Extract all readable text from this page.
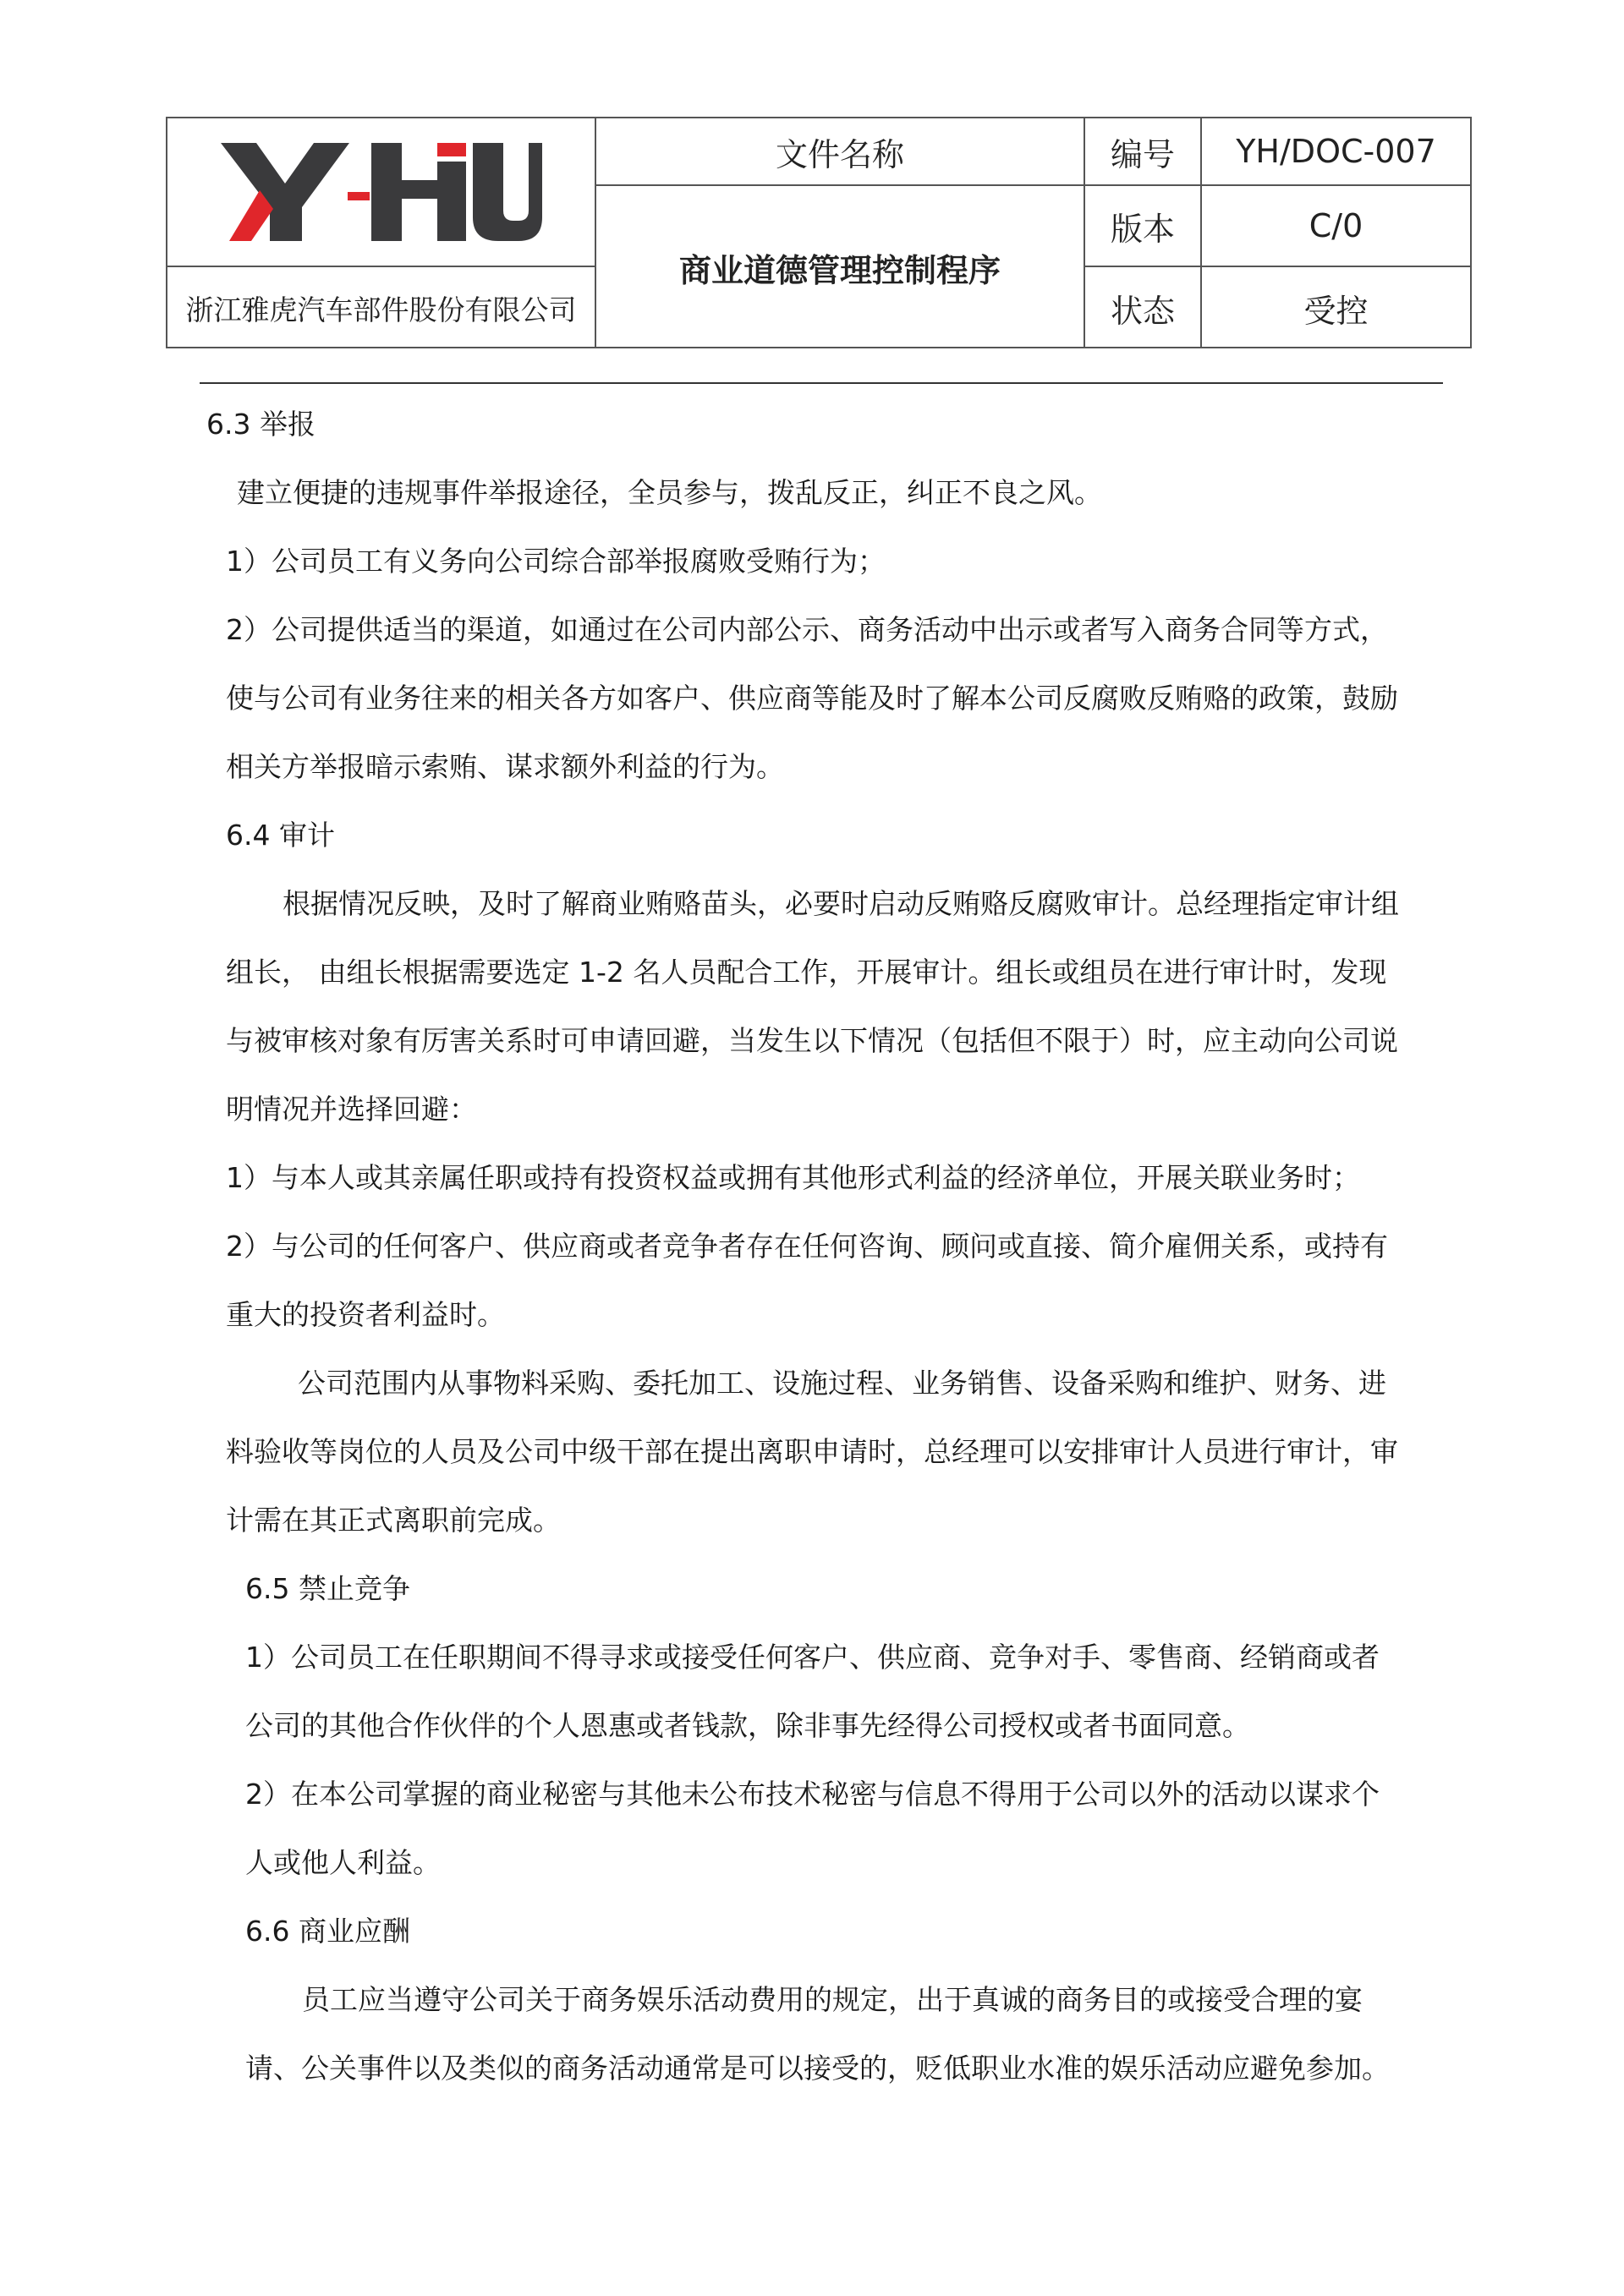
浙江雅虎汽车部件股份有限公司
文件名称
商业道德管理控制程序
编号	YH/DOC-007
版本	C/0
状态	受控
6.3 举报
建立便捷的违规事件举报途径，全员参与，拨乱反正，纠正不良之风。
1）公司员工有义务向公司综合部举报腐败受贿行为；
2）公司提供适当的渠道，如通过在公司内部公示、商务活动中出示或者写入商务合同等方式，
使与公司有业务往来的相关各方如客户、供应商等能及时了解本公司反腐败反贿赂的政策，鼓励
相关方举报暗示索贿、谋求额外利益的行为。
6.4 审计
根据情况反映，及时了解商业贿赂苗头，必要时启动反贿赂反腐败审计。总经理指定审计组
组长， 由组长根据需要选定 1-2 名人员配合工作，开展审计。组长或组员在进行审计时，发现
与被审核对象有厉害关系时可申请回避，当发生以下情况（包括但不限于）时，应主动向公司说
明情况并选择回避：
1）与本人或其亲属任职或持有投资权益或拥有其他形式利益的经济单位，开展关联业务时；
2）与公司的任何客户、供应商或者竞争者存在任何咨询、顾问或直接、简介雇佣关系，或持有
重大的投资者利益时。
公司范围内从事物料采购、委托加工、设施过程、业务销售、设备采购和维护、财务、进
料验收等岗位的人员及公司中级干部在提出离职申请时，总经理可以安排审计人员进行审计，审
计需在其正式离职前完成。
6.5 禁止竞争
1）公司员工在任职期间不得寻求或接受任何客户、供应商、竞争对手、零售商、经销商或者
公司的其他合作伙伴的个人恩惠或者钱款，除非事先经得公司授权或者书面同意。
2）在本公司掌握的商业秘密与其他未公布技术秘密与信息不得用于公司以外的活动以谋求个
人或他人利益。
6.6 商业应酬
员工应当遵守公司关于商务娱乐活动费用的规定，出于真诚的商务目的或接受合理的宴
请、公关事件以及类似的商务活动通常是可以接受的，贬低职业水准的娱乐活动应避免参加。
